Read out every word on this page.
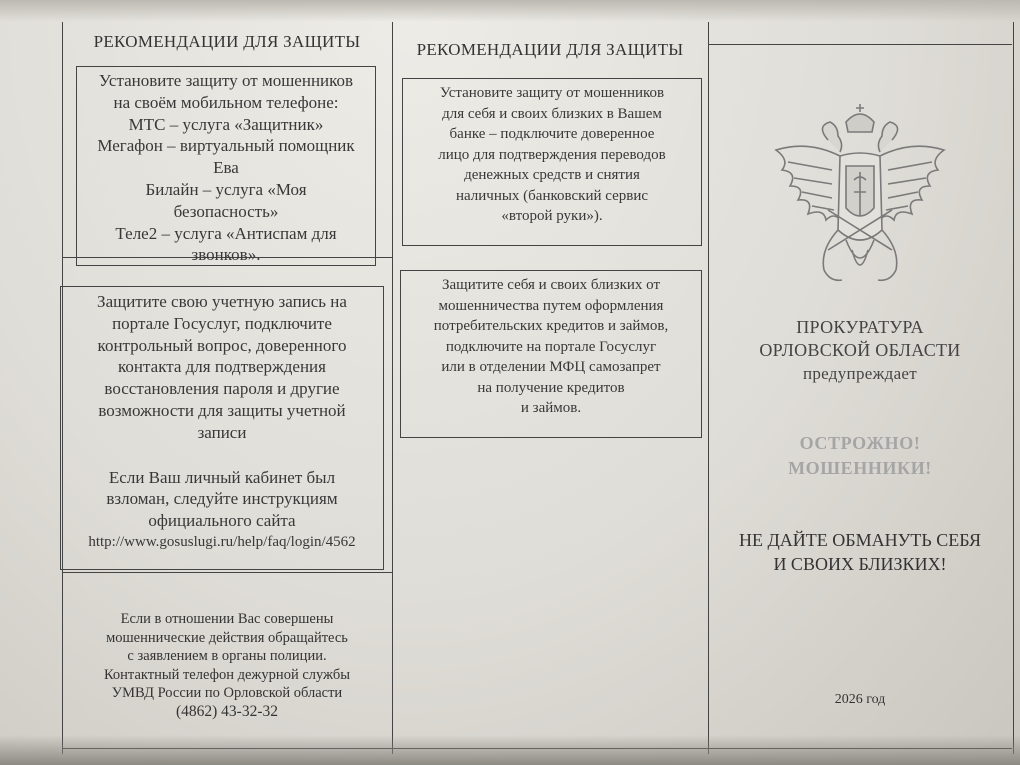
РЕКОМЕНДАЦИИ ДЛЯ ЗАЩИТЫ

Установите защиту от мошенников

на своём мобильном телефоне:

МТС – услуга «Защитник»

Мегафон – виртуальный помощник

Ева

Билайн – услуга «Моя

безопасность»

Теле2 – услуга «Антиспам для

звонков».

Защитите свою учетную запись на

портале Госуслуг, подключите

контрольный вопрос, доверенного

контакта для подтверждения

восстановления пароля и другие

возможности для защиты учетной

записи

Если Ваш личный кабинет был

взломан, следуйте инструкциям

официального сайта

http://www.gosuslugi.ru/help/faq/login/4562

Если в отношении Вас совершены
мошеннические действия обращайтесь
с заявлением в органы полиции.
Контактный телефон дежурной службы
УМВД России по Орловской области
(4862) 43-32-32
РЕКОМЕНДАЦИИ ДЛЯ ЗАЩИТЫ

Установите защиту от мошенников

для себя и своих близких в Вашем

банке – подключите доверенное

лицо для подтверждения переводов

денежных средств и снятия

наличных (банковский сервис

«второй руки»).

Защитите себя и своих близких от

мошенничества путем оформления

потребительских кредитов и займов,

подключите на портале Госуслуг

или в отделении МФЦ самозапрет

на получение кредитов

и займов.

ПРОКУРАТУРА
ОРЛОВСКОЙ ОБЛАСТИ
предупреждает
ОСТРОЖНО!
МОШЕННИКИ!
НЕ ДАЙТЕ ОБМАНУТЬ СЕБЯ
И СВОИХ БЛИЗКИХ!
2026 год
